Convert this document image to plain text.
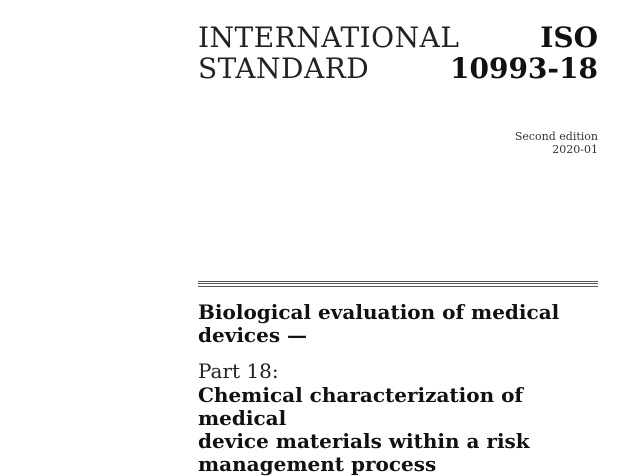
INTERNATIONAL
STANDARD
ISO
10993-18
Second edition
2020-01
Biological evaluation of medical
devices —
Part 18:
Chemical characterization of medical
device materials within a risk
management process
